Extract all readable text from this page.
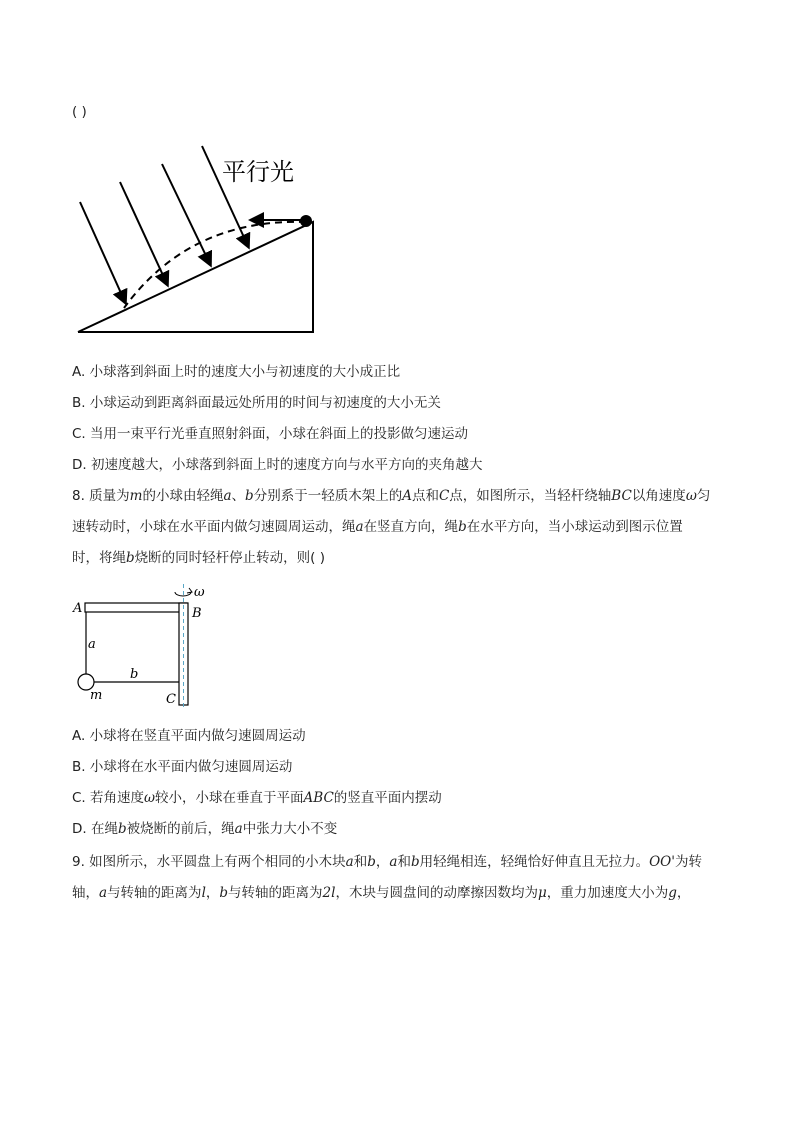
( )
平行光
A. 小球落到斜面上时的速度大小与初速度的大小成正比
B. 小球运动到距离斜面最远处所用的时间与初速度的大小无关
C. 当用一束平行光垂直照射斜面，小球在斜面上的投影做匀速运动
D. 初速度越大，小球落到斜面上时的速度方向与水平方向的夹角越大
8. 质量为m的小球由轻绳a、b分别系于一轻质木架上的A点和C点，如图所示，当轻杆绕轴BC以角速度ω匀
速转动时，小球在水平面内做匀速圆周运动，绳a在竖直方向，绳b在水平方向，当小球运动到图示位置
时，将绳b烧断的同时轻杆停止转动，则( )
A	B
C
a
b
m
ω
A. 小球将在竖直平面内做匀速圆周运动
B. 小球将在水平面内做匀速圆周运动
C. 若角速度ω较小，小球在垂直于平面ABC的竖直平面内摆动
D. 在绳b被烧断的前后，绳a中张力大小不变
9. 如图所示，水平圆盘上有两个相同的小木块a和b，a和b用轻绳相连，轻绳恰好伸直且无拉力。OO'为转
轴，a与转轴的距离为l，b与转轴的距离为2l，木块与圆盘间的动摩擦因数均为μ，重力加速度大小为g，
